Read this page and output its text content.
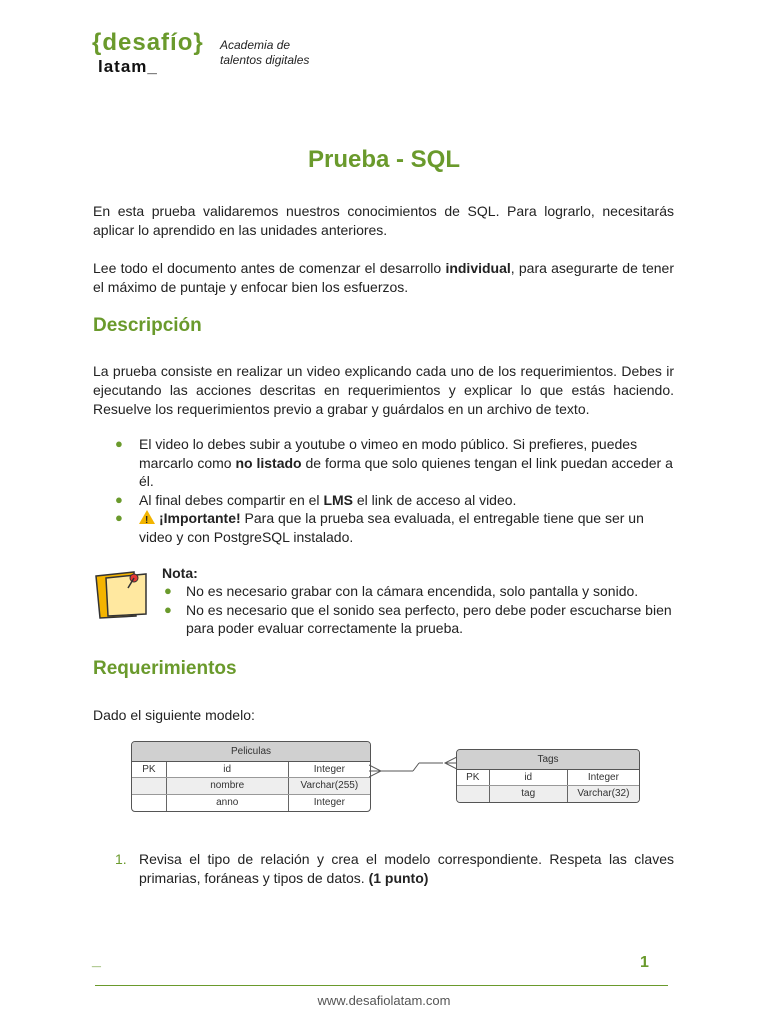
{desafío}
latam_
Academia de
talentos digitales
Prueba - SQL

En esta prueba validaremos nuestros conocimientos de SQL. Para lograrlo, necesitarás aplicar lo aprendido en las unidades anteriores.

Lee todo el documento antes de comenzar el desarrollo individual, para asegurarte de tener el máximo de puntaje y enfocar bien los esfuerzos.

Descripción

La prueba consiste en realizar un video explicando cada uno de los requerimientos. Debes ir ejecutando las acciones descritas en requerimientos y explicar lo que estás haciendo. Resuelve los requerimientos previo a grabar y guárdalos en un archivo de texto.

● El video lo debes subir a youtube o vimeo en modo público. Si prefieres, puedes marcarlo como no listado de forma que solo quienes tengan el link puedan acceder a él.
● Al final debes compartir en el LMS el link de acceso al video.
●
!	¡Importante! Para que la prueba sea evaluada, el entregable tiene que ser un video y con PostgreSQL instalado.
Nota:
● No es necesario grabar con la cámara encendida, solo pantalla y sonido.
● No es necesario que el sonido sea perfecto, pero debe poder escucharse bien para poder evaluar correctamente la prueba.
Requerimientos

Dado el siguiente modelo:

Peliculas
PK	id	Integer
nombre	Varchar(255)
anno	Integer
Tags
PK	id	Integer
tag	Varchar(32)
1. Revisa el tipo de relación y crea el modelo correspondiente. Respeta las claves primarias, foráneas y tipos de datos. (1 punto)

_	1
www.desafiolatam.com
